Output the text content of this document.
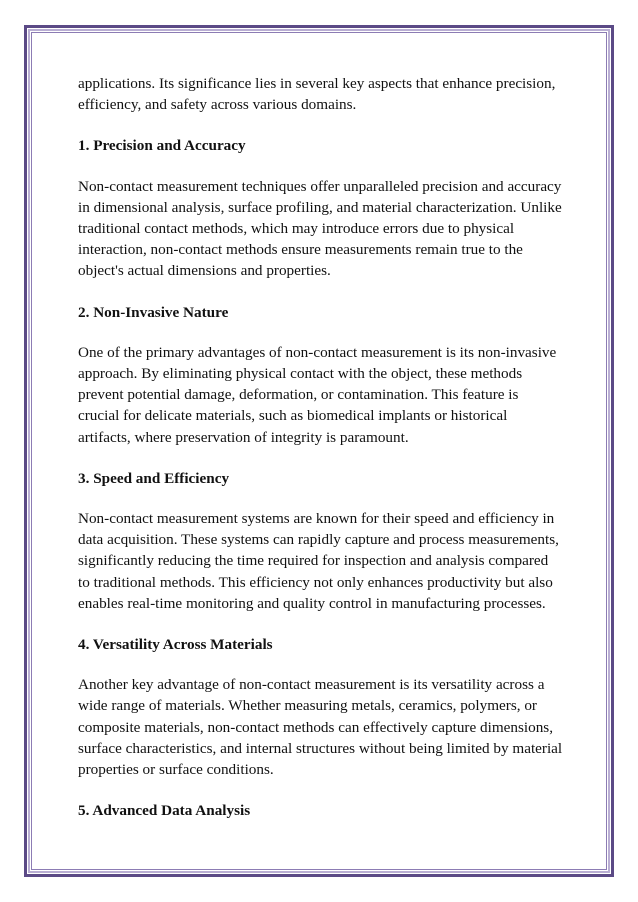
applications. Its significance lies in several key aspects that enhance precision, efficiency, and safety across various domains.

1. Precision and Accuracy

Non-contact measurement techniques offer unparalleled precision and accuracy in dimensional analysis, surface profiling, and material characterization. Unlike traditional contact methods, which may introduce errors due to physical interaction, non-contact methods ensure measurements remain true to the object's actual dimensions and properties.

2. Non-Invasive Nature

One of the primary advantages of non-contact measurement is its non-invasive approach. By eliminating physical contact with the object, these methods prevent potential damage, deformation, or contamination. This feature is crucial for delicate materials, such as biomedical implants or historical artifacts, where preservation of integrity is paramount.

3. Speed and Efficiency

Non-contact measurement systems are known for their speed and efficiency in data acquisition. These systems can rapidly capture and process measurements, significantly reducing the time required for inspection and analysis compared to traditional methods. This efficiency not only enhances productivity but also enables real-time monitoring and quality control in manufacturing processes.

4. Versatility Across Materials

Another key advantage of non-contact measurement is its versatility across a wide range of materials. Whether measuring metals, ceramics, polymers, or composite materials, non-contact methods can effectively capture dimensions, surface characteristics, and internal structures without being limited by material properties or surface conditions.

5. Advanced Data Analysis
